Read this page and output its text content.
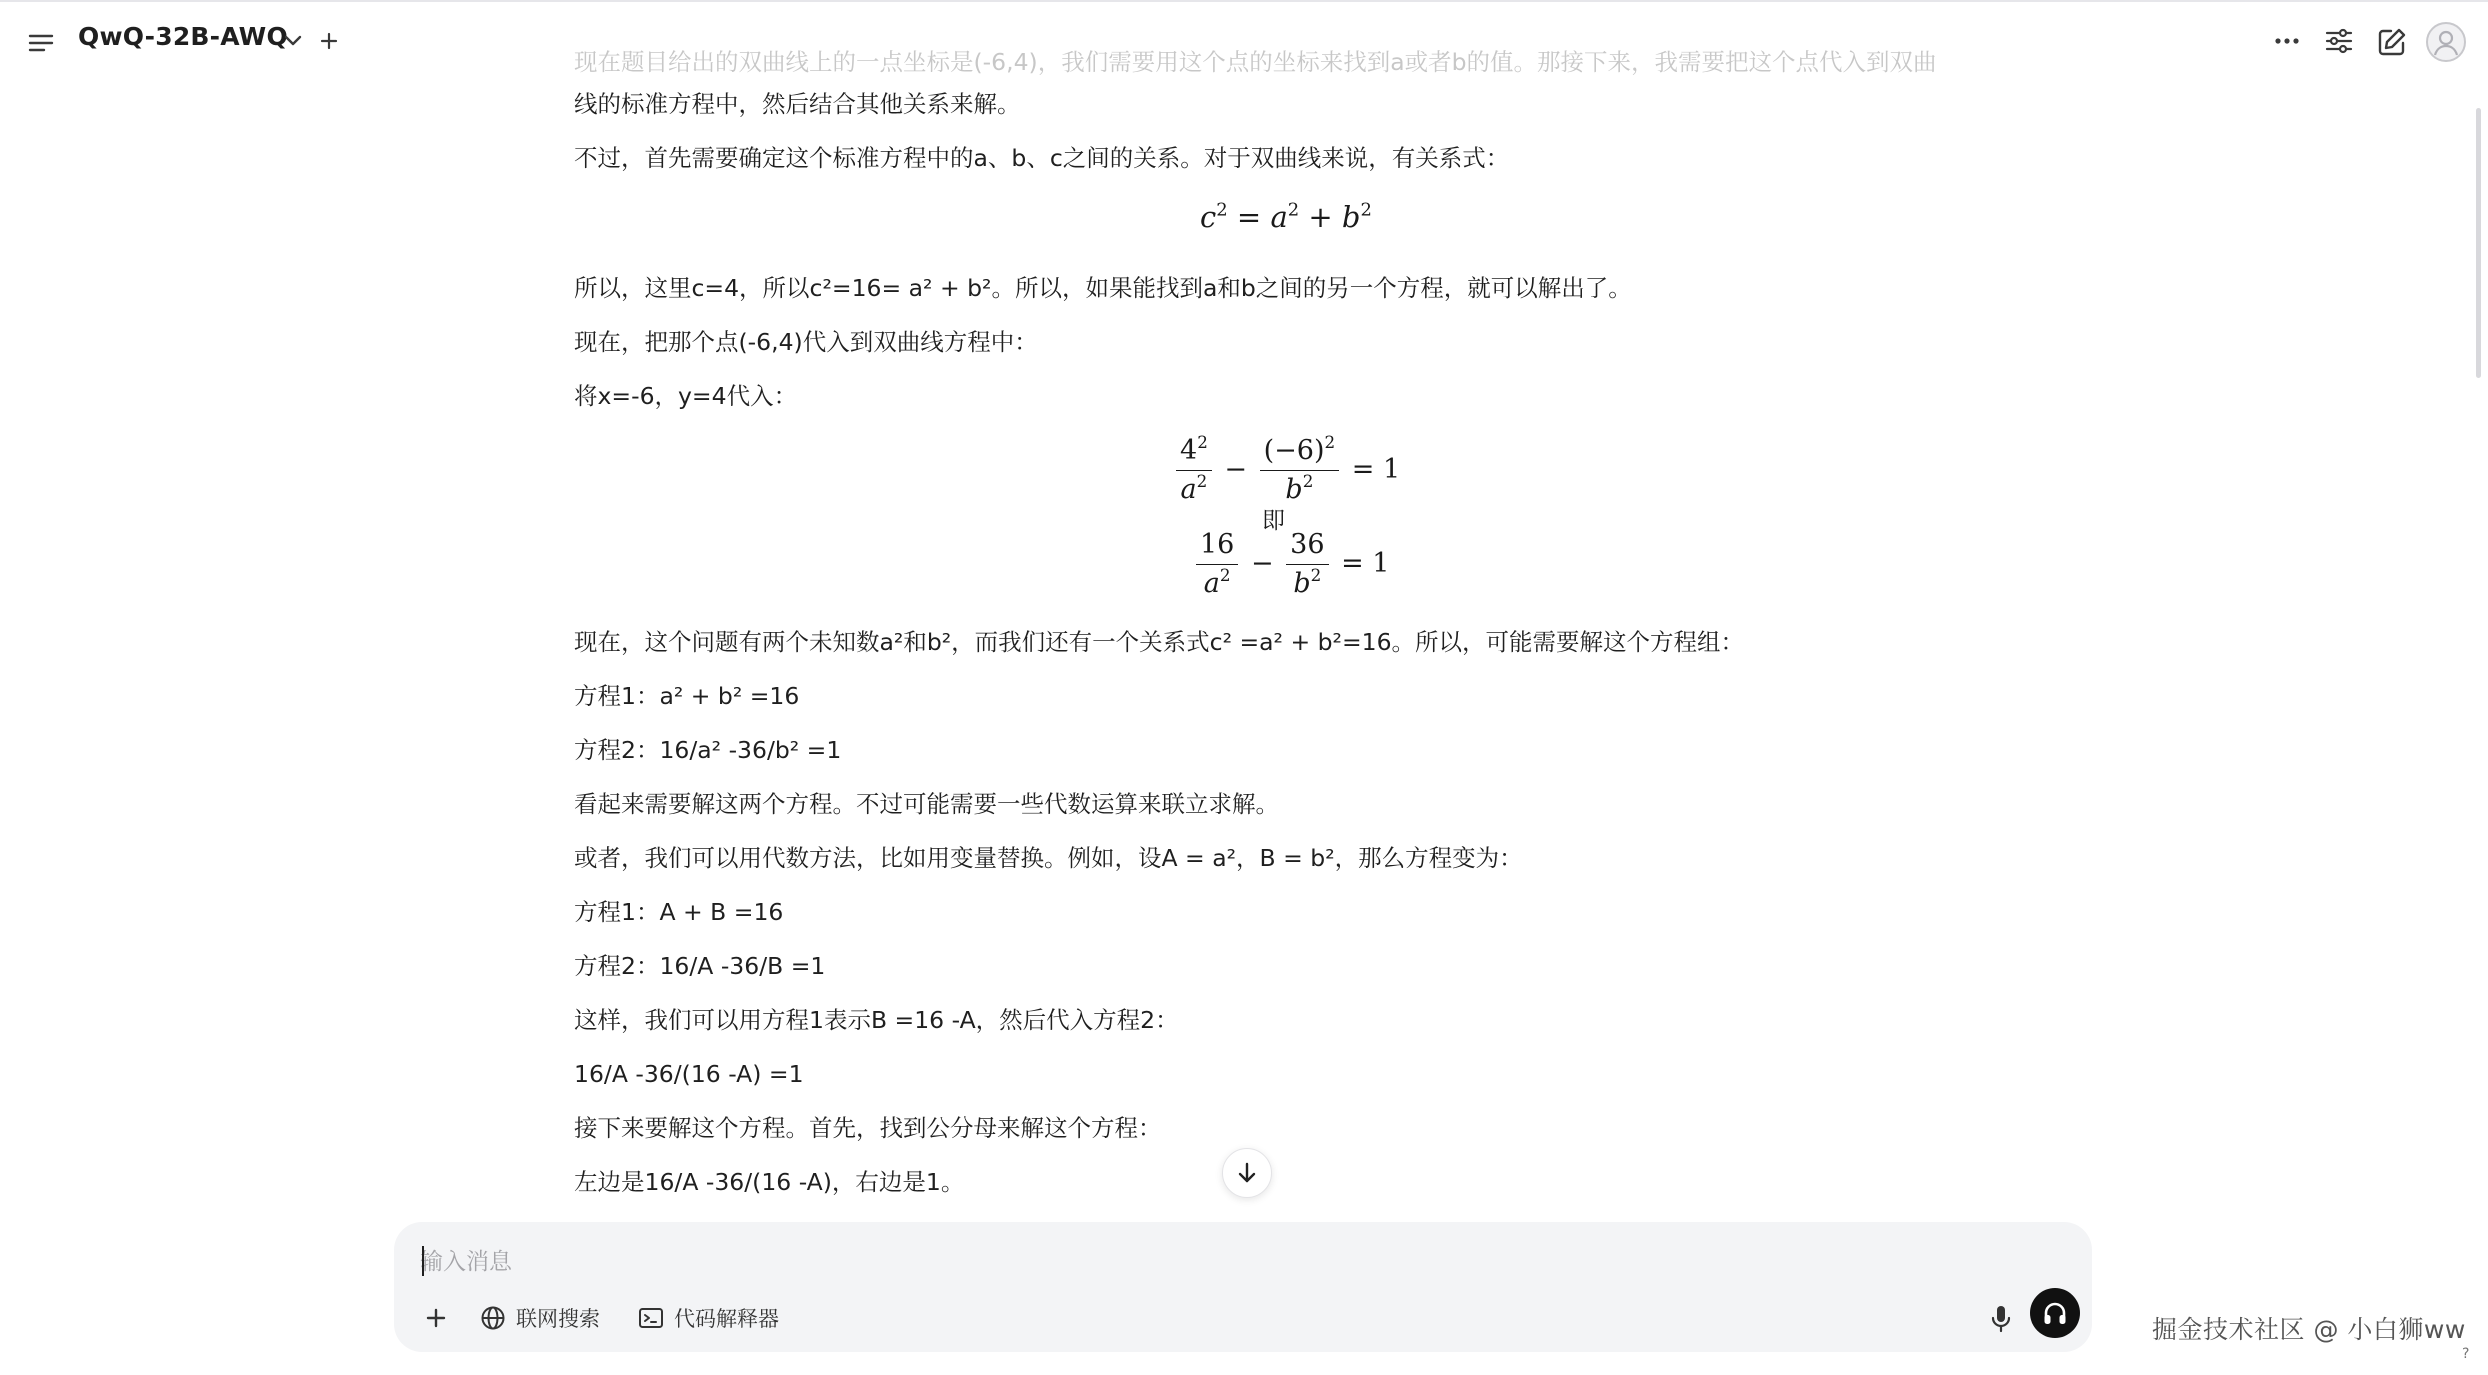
QwQ-32B-AWQ
现在题目给出的双曲线上的一点坐标是(-6,4)，我们需要用这个点的坐标来找到a或者b的值。那接下来，我需要把这个点代入到双曲
线的标准方程中，然后结合其他关系来解。
不过，首先需要确定这个标准方程中的a、b、c之间的关系。对于双曲线来说，有关系式：
$c^2 = a^2 + b^2$
所以，这里c=4，所以c²=16= a² + b²。所以，如果能找到a和b之间的另一个方程，就可以解出了。
现在，把那个点(-6,4)代入到双曲线方程中：
将x=-6，y=4代入：
$\frac{4^2}{a^2} - \frac{(-6)^2}{b^2} = 1$
即
$\frac{16}{a^2} - \frac{36}{b^2} = 1$
现在，这个问题有两个未知数a²和b²，而我们还有一个关系式c² =a² + b²=16。所以，可能需要解这个方程组：
方程1：a² + b² =16
方程2：16/a² -36/b² =1
看起来需要解这两个方程。不过可能需要一些代数运算来联立求解。
或者，我们可以用代数方法，比如用变量替换。例如，设A = a²，B = b²，那么方程变为：
方程1：A + B =16
方程2：16/A -36/B =1
这样，我们可以用方程1表示B =16 -A，然后代入方程2：
16/A -36/(16 -A) =1
接下来要解这个方程。首先，找到公分母来解这个方程：
左边是16/A -36/(16 -A)，右边是1。
输入消息
联网搜索	代码解释器	掘金技术社区 @ 小白狮ww
?
